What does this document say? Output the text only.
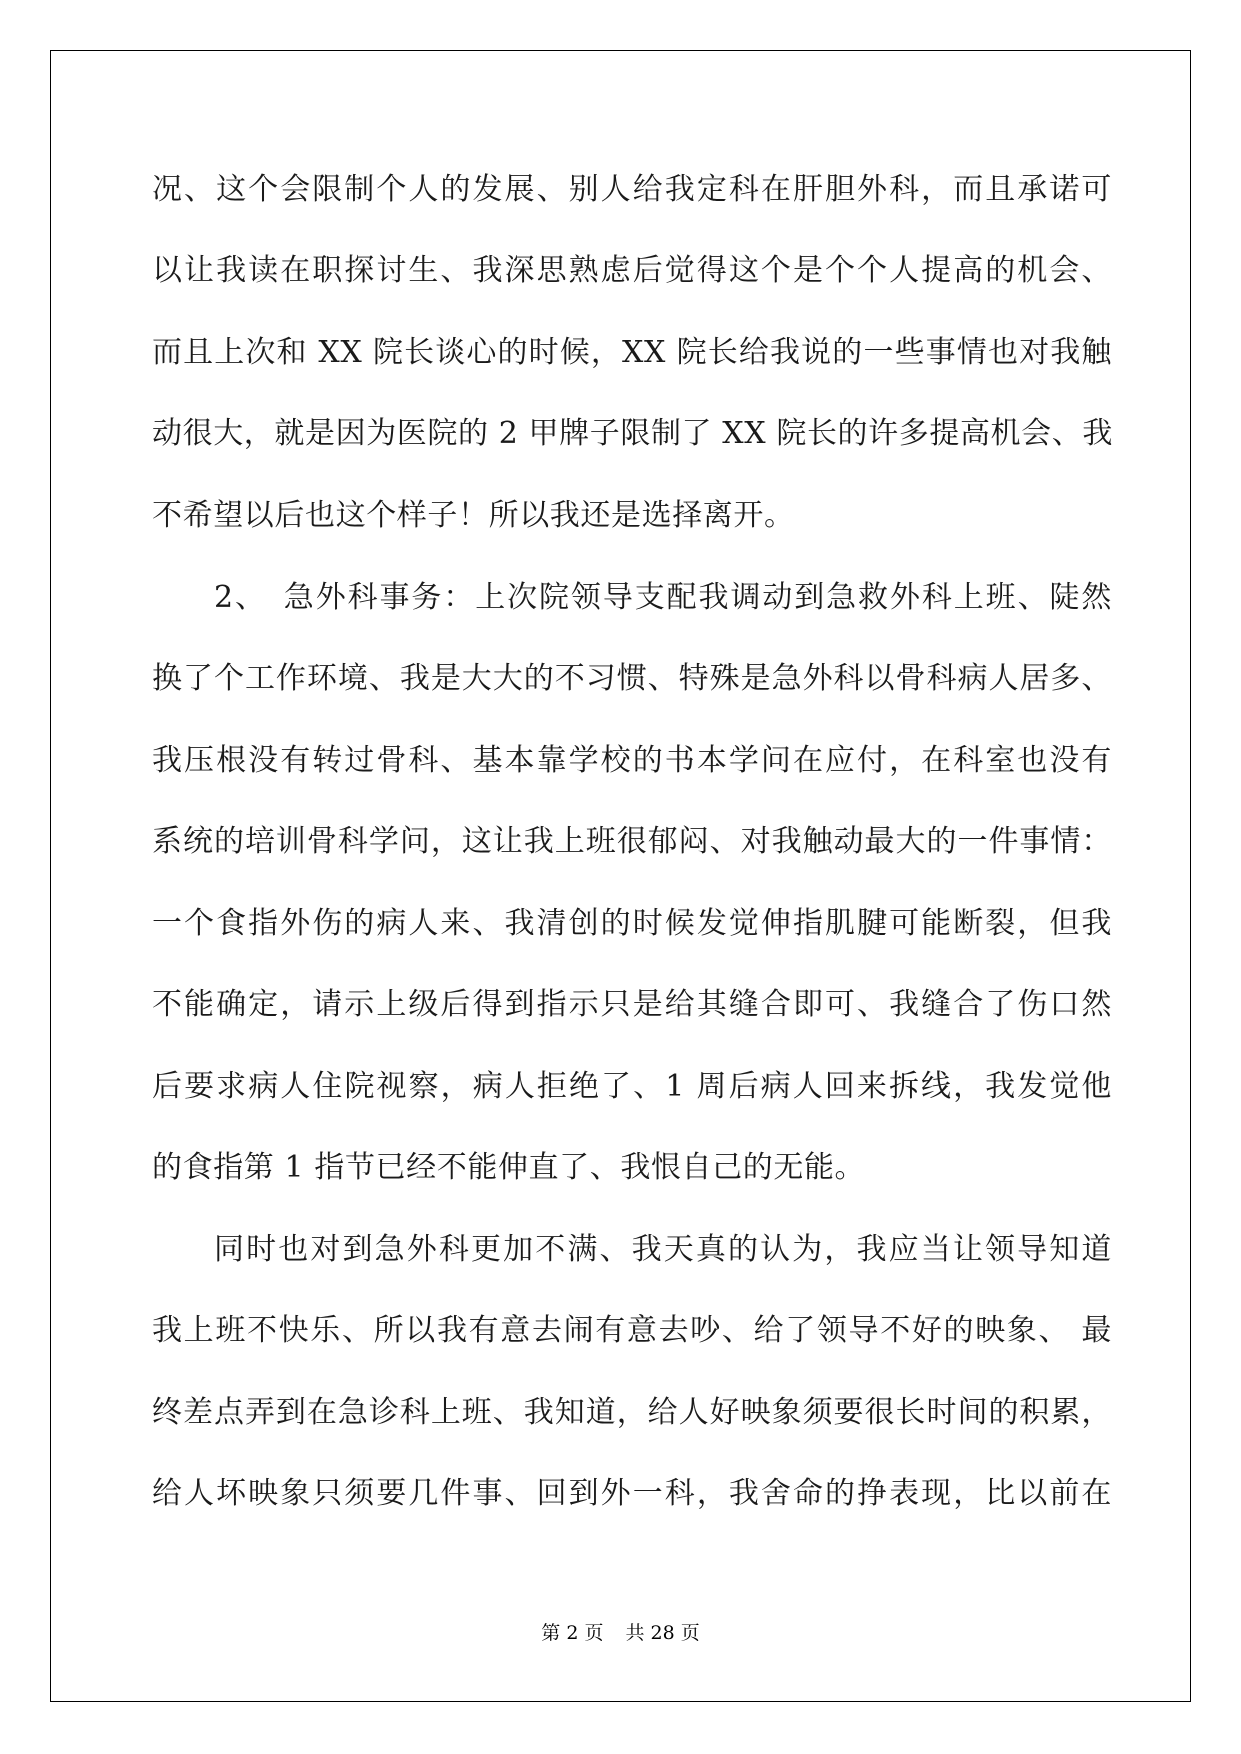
况、这个会限制个人的发展、别人给我定科在肝胆外科，而且承诺可
以让我读在职探讨生、我深思熟虑后觉得这个是个个人提高的机会、
而且上次和 XX 院长谈心的时候，XX 院长给我说的一些事情也对我触
动很大，就是因为医院的 2 甲牌子限制了 XX 院长的许多提高机会、我
不希望以后也这个样子！所以我还是选择离开。
2、　急外科事务：上次院领导支配我调动到急救外科上班、陡然
换了个工作环境、我是大大的不习惯、特殊是急外科以骨科病人居多、
我压根没有转过骨科、基本靠学校的书本学问在应付，在科室也没有
系统的培训骨科学问，这让我上班很郁闷、对我触动最大的一件事情：
一个食指外伤的病人来、我清创的时候发觉伸指肌腱可能断裂，但我
不能确定，请示上级后得到指示只是给其缝合即可、我缝合了伤口然
后要求病人住院视察，病人拒绝了、1 周后病人回来拆线，我发觉他
的食指第 1 指节已经不能伸直了、我恨自己的无能。
同时也对到急外科更加不满、我天真的认为，我应当让领导知道
我上班不快乐、所以我有意去闹有意去吵、给了领导不好的映象、 最
终差点弄到在急诊科上班、我知道，给人好映象须要很长时间的积累，
给人坏映象只须要几件事、回到外一科，我舍命的挣表现，比以前在
第 2 页 共 28 页
